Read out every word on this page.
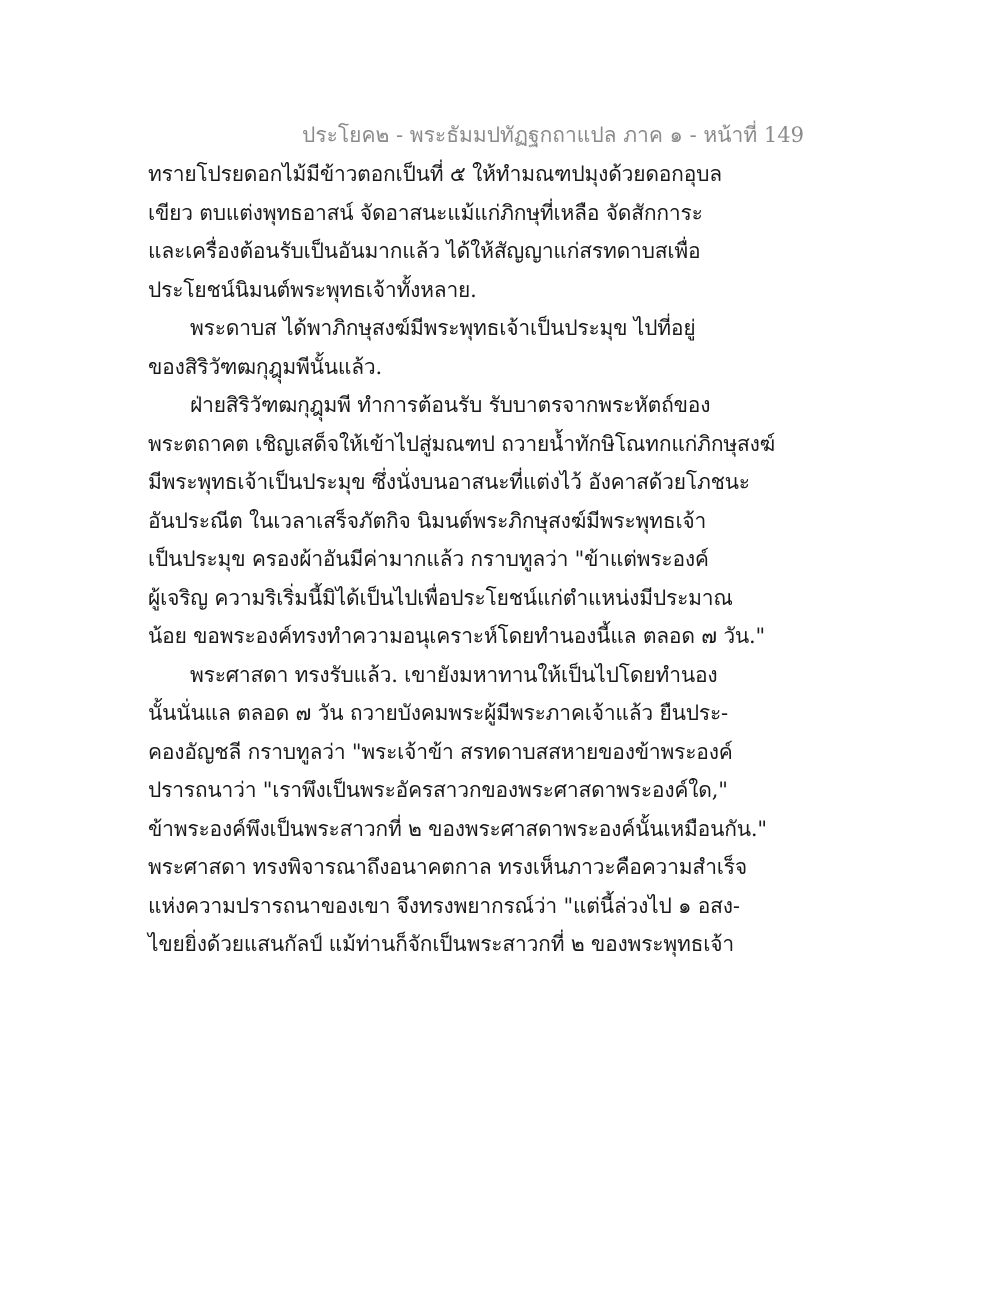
ประโยค๒ - พระธัมมปทัฏฐกถาแปล ภาค ๑ - หน้าที่ 149
ทรายโปรยดอกไม้มีข้าวตอกเป็นที่ ๕ ให้ทำมณฑปมุงด้วยดอกอุบล
เขียว ตบแต่งพุทธอาสน์ จัดอาสนะแม้แก่ภิกษุที่เหลือ จัดสักการะ
และเครื่องต้อนรับเป็นอันมากแล้ว ได้ให้สัญญาแก่สรทดาบสเพื่อ
ประโยชน์นิมนต์พระพุทธเจ้าทั้งหลาย.
พระดาบส ได้พาภิกษุสงฆ์มีพระพุทธเจ้าเป็นประมุข ไปที่อยู่
ของสิริวัฑฒกุฎุมพีนั้นแล้ว.
ฝ่ายสิริวัฑฒกุฎุมพี ทำการต้อนรับ รับบาตรจากพระหัตถ์ของ
พระตถาคต เชิญเสด็จให้เข้าไปสู่มณฑป ถวายน้ำทักษิโณทกแก่ภิกษุสงฆ์
มีพระพุทธเจ้าเป็นประมุข ซึ่งนั่งบนอาสนะที่แต่งไว้ อังคาสด้วยโภชนะ
อันประณีต ในเวลาเสร็จภัตกิจ นิมนต์พระภิกษุสงฆ์มีพระพุทธเจ้า
เป็นประมุข ครองผ้าอันมีค่ามากแล้ว กราบทูลว่า "ข้าแต่พระองค์
ผู้เจริญ ความริเริ่มนี้มิได้เป็นไปเพื่อประโยชน์แก่ตำแหน่งมีประมาณ
น้อย ขอพระองค์ทรงทำความอนุเคราะห์โดยทำนองนี้แล ตลอด ๗ วัน."
พระศาสดา ทรงรับแล้ว. เขายังมหาทานให้เป็นไปโดยทำนอง
นั้นนั่นแล ตลอด ๗ วัน ถวายบังคมพระผู้มีพระภาคเจ้าแล้ว ยืนประ-
คองอัญชลี กราบทูลว่า "พระเจ้าข้า สรทดาบสสหายของข้าพระองค์
ปรารถนาว่า "เราพึงเป็นพระอัครสาวกของพระศาสดาพระองค์ใด,"
ข้าพระองค์พึงเป็นพระสาวกที่ ๒ ของพระศาสดาพระองค์นั้นเหมือนกัน."
พระศาสดา ทรงพิจารณาถึงอนาคตกาล ทรงเห็นภาวะคือความสำเร็จ
แห่งความปรารถนาของเขา จึงทรงพยากรณ์ว่า "แต่นี้ล่วงไป ๑ อสง-
ไขยยิ่งด้วยแสนกัลป์ แม้ท่านก็จักเป็นพระสาวกที่ ๒ ของพระพุทธเจ้า
